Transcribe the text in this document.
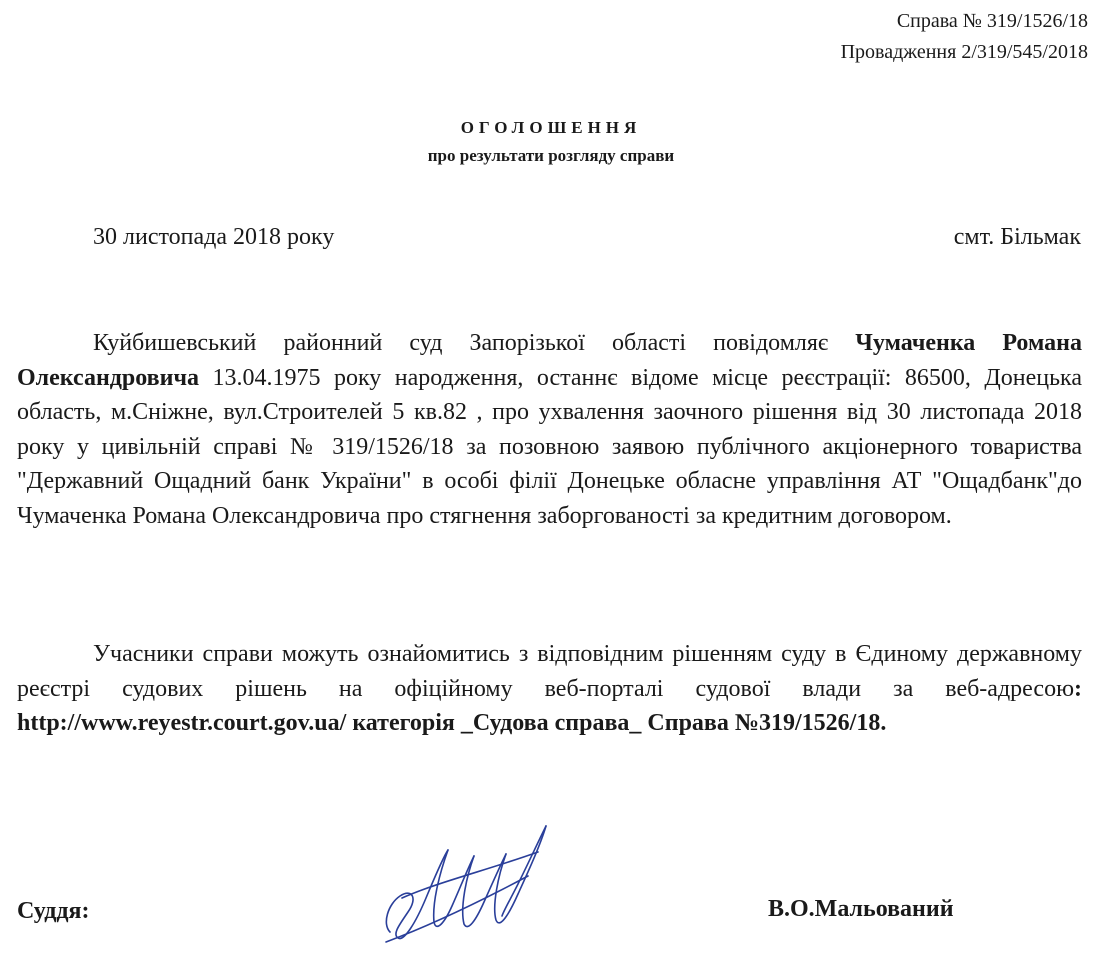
Справа № 319/1526/18
Провадження 2/319/545/2018
ОГОЛОШЕННЯ
про результати розгляду справи
30 листопада 2018 року	смт. Більмак

Куйбишевський районний суд Запорізької області повідомляє Чумаченка Романа Олександровича 13.04.1975 року народження, останнє відоме місце реєстрації: 86500, Донецька область, м.Сніжне, вул.Строителей 5 кв.82 , про ухвалення заочного рішення від 30 листопада 2018 року у цивільній справі № 319/1526/18 за позовною заявою публічного акціонерного товариства "Державний Ощадний банк України" в особі філії Донецьке обласне управління АТ "Ощадбанк"до Чумаченка Романа Олександровича про стягнення заборгованості за кредитним договором.

Учасники справи можуть ознайомитись з відповідним рішенням суду в Єдиному державному реєстрі судових рішень на офіційному веб-порталі судової влади за веб-адресою: http://www.reyestr.court.gov.ua/ категорія _Судова справа_ Справа №319/1526/18.

Суддя:	В.О.Мальований
